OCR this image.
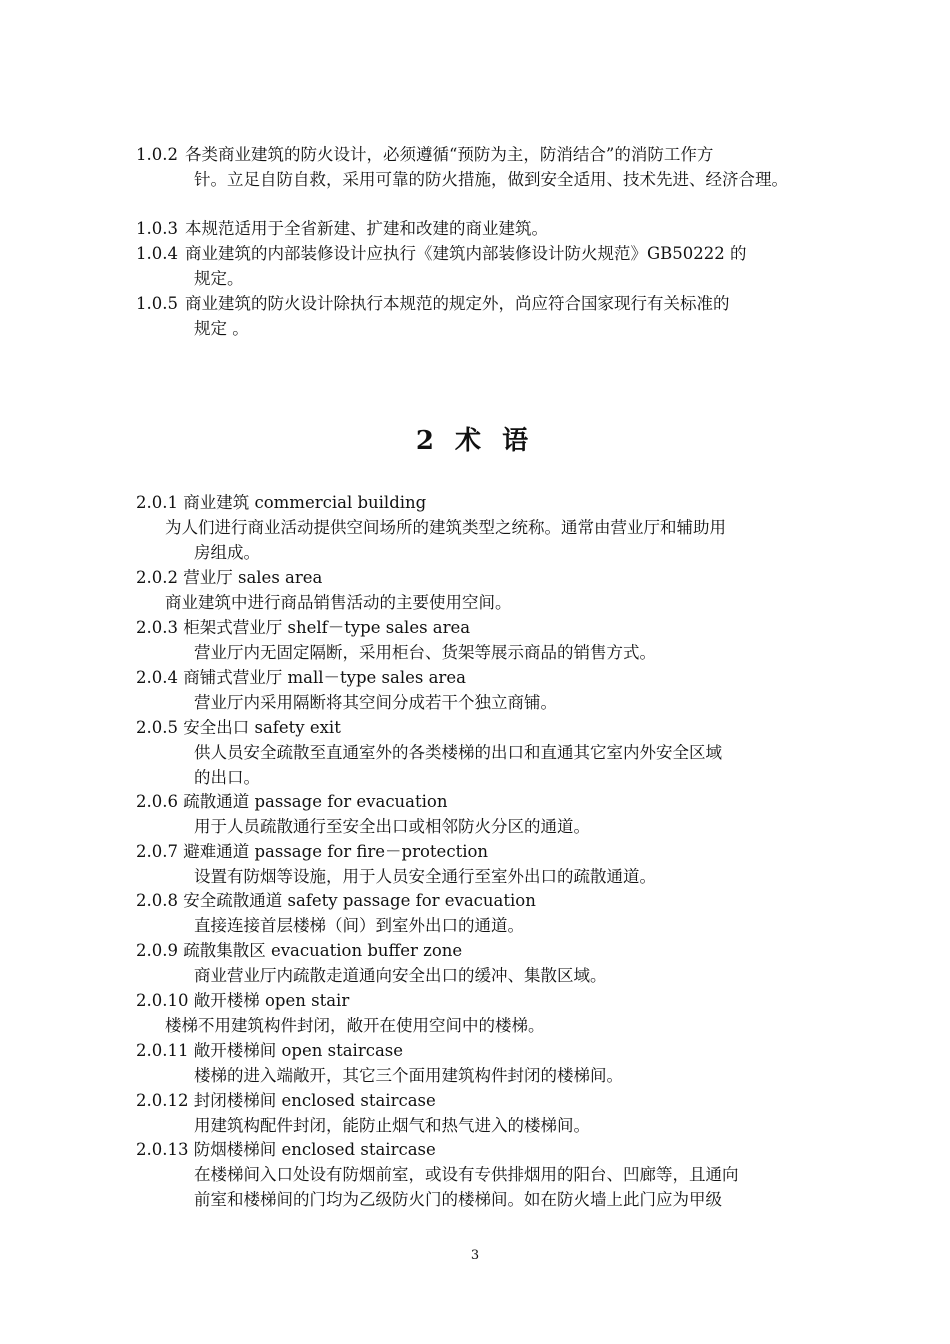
1.0.2 各类商业建筑的防火设计，必须遵循“预防为主，防消结合”的消防工作方
针。立足自防自救，采用可靠的防火措施，做到安全适用、技术先进、经济合理。
1.0.3 本规范适用于全省新建、扩建和改建的商业建筑。
1.0.4 商业建筑的内部装修设计应执行《建筑内部装修设计防火规范》GB50222 的
规定。
1.0.5 商业建筑的防火设计除执行本规范的规定外，尚应符合国家现行有关标准的
规定 。
2 术 语
2.0.1 商业建筑 commercial building
为人们进行商业活动提供空间场所的建筑类型之统称。通常由营业厅和辅助用
房组成。
2.0.2 营业厅 sales area
商业建筑中进行商品销售活动的主要使用空间。
2.0.3 柜架式营业厅 shelf－type sales area
营业厅内无固定隔断，采用柜台、货架等展示商品的销售方式。
2.0.4 商铺式营业厅 mall－type sales area
营业厅内采用隔断将其空间分成若干个独立商铺。
2.0.5 安全出口 safety exit
供人员安全疏散至直通室外的各类楼梯的出口和直通其它室内外安全区域
的出口。
2.0.6 疏散通道 passage for evacuation
用于人员疏散通行至安全出口或相邻防火分区的通道。
2.0.7 避难通道 passage for fire－protection
设置有防烟等设施，用于人员安全通行至室外出口的疏散通道。
2.0.8 安全疏散通道 safety passage for evacuation
直接连接首层楼梯（间）到室外出口的通道。
2.0.9 疏散集散区 evacuation buffer zone
商业营业厅内疏散走道通向安全出口的缓冲、集散区域。
2.0.10 敞开楼梯 open stair
楼梯不用建筑构件封闭，敞开在使用空间中的楼梯。
2.0.11 敞开楼梯间 open staircase
楼梯的进入端敞开，其它三个面用建筑构件封闭的楼梯间。
2.0.12 封闭楼梯间 enclosed staircase
用建筑构配件封闭，能防止烟气和热气进入的楼梯间。
2.0.13 防烟楼梯间 enclosed staircase
在楼梯间入口处设有防烟前室，或设有专供排烟用的阳台、凹廊等，且通向
前室和楼梯间的门均为乙级防火门的楼梯间。如在防火墙上此门应为甲级
3
